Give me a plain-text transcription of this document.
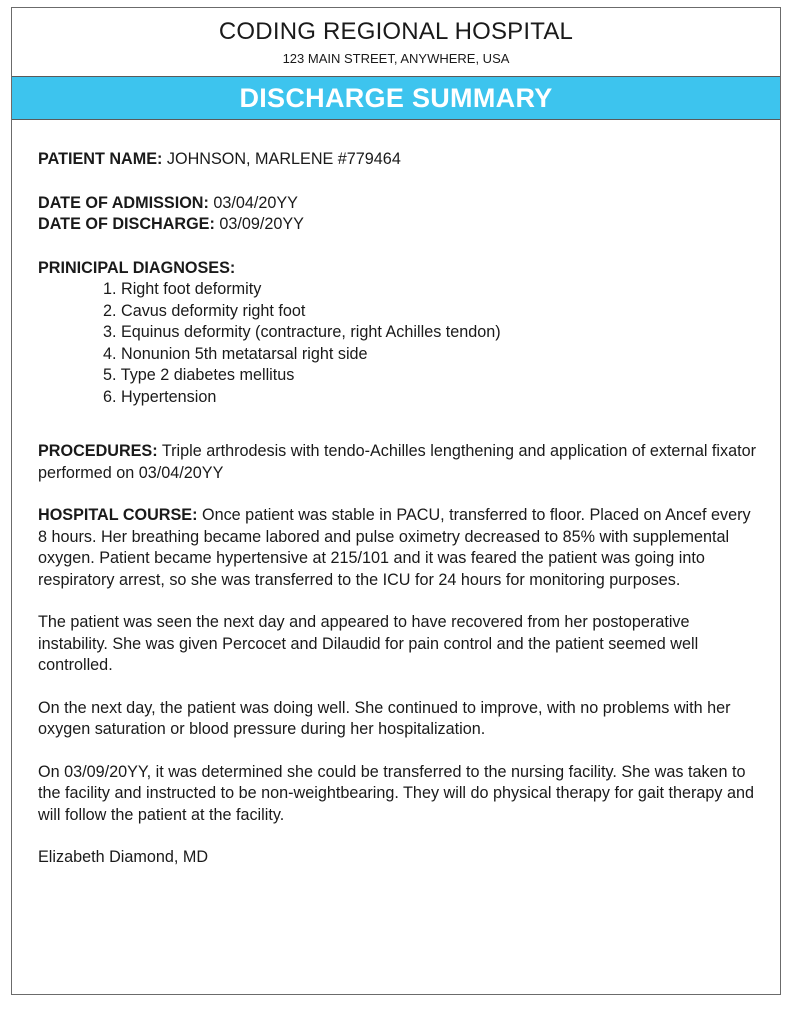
CODING REGIONAL HOSPITAL
123 MAIN STREET, ANYWHERE, USA
DISCHARGE SUMMARY
PATIENT NAME: JOHNSON, MARLENE #779464
DATE OF ADMISSION: 03/04/20YY
DATE OF DISCHARGE: 03/09/20YY
PRINICIPAL DIAGNOSES:
1. Right foot deformity
2. Cavus deformity right foot
3. Equinus deformity (contracture, right Achilles tendon)
4. Nonunion 5th metatarsal right side
5. Type 2 diabetes mellitus
6. Hypertension
PROCEDURES: Triple arthrodesis with tendo-Achilles lengthening and application of external fixator performed on 03/04/20YY
HOSPITAL COURSE: Once patient was stable in PACU, transferred to floor. Placed on Ancef every 8 hours. Her breathing became labored and pulse oximetry decreased to 85% with supplemental oxygen. Patient became hypertensive at 215/101 and it was feared the patient was going into respiratory arrest, so she was transferred to the ICU for 24 hours for monitoring purposes.
The patient was seen the next day and appeared to have recovered from her postoperative instability. She was given Percocet and Dilaudid for pain control and the patient seemed well controlled.
On the next day, the patient was doing well. She continued to improve, with no problems with her oxygen saturation or blood pressure during her hospitalization.
On 03/09/20YY, it was determined she could be transferred to the nursing facility. She was taken to the facility and instructed to be non-weightbearing. They will do physical therapy for gait therapy and will follow the patient at the facility.
Elizabeth Diamond, MD
